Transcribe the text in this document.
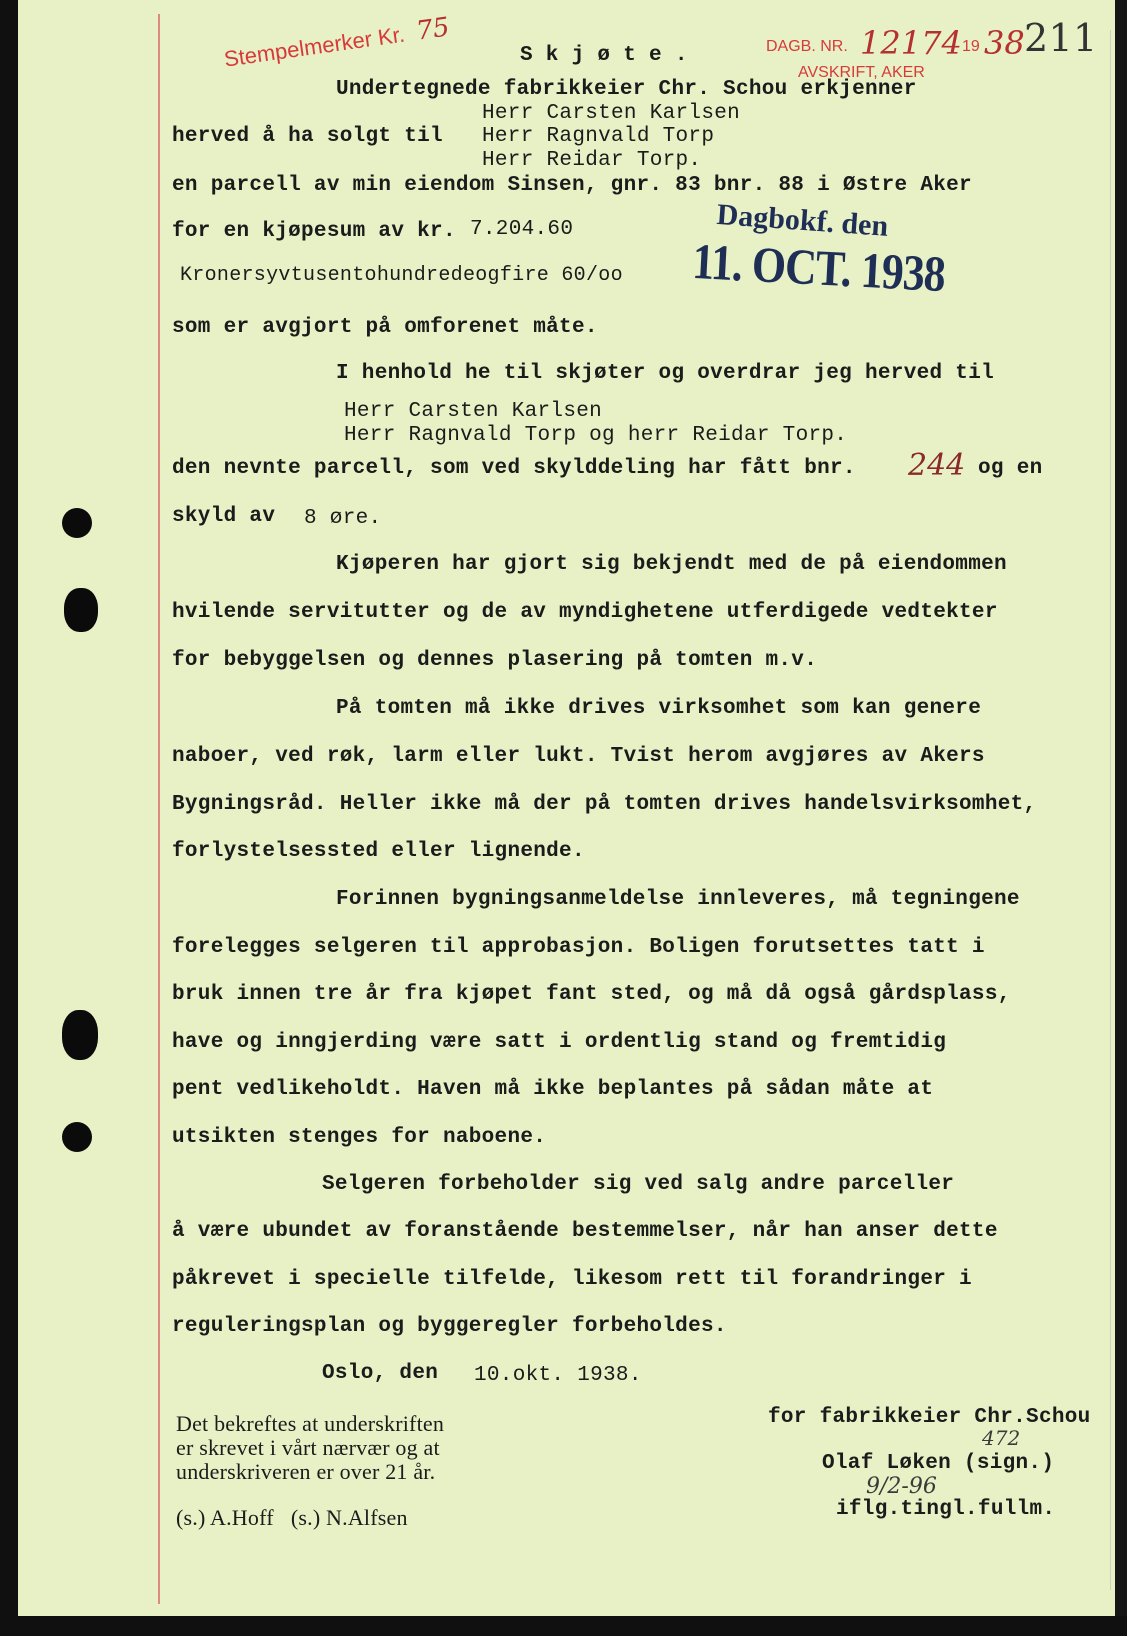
Stempelmerker Kr. 75	DAGB. NR. 12174 19 38
AVSKRIFT, AKER
211
Dagbokf. den
11. OCT. 1938
S k j ø t e .
Undertegnede fabrikkeier Chr. Schou erkjenner
Herr Carsten Karlsen
herved å ha solgt til Herr Ragnvald Torp
Herr Reidar Torp.
en parcell av min eiendom Sinsen, gnr. 83 bnr. 88 i Østre Aker
for en kjøpesum av kr. 7.204.60
Kronersyvtusentohundredeogfire 60/oo
som er avgjort på omforenet måte.
I henhold he til skjøter og overdrar jeg herved til
Herr Carsten Karlsen
Herr Ragnvald Torp og herr Reidar Torp.
den nevnte parcell, som ved skylddeling har fått bnr. 244 og en
skyld av 8 øre.
Kjøperen har gjort sig bekjendt med de på eiendommen
hvilende servitutter og de av myndighetene utferdigede vedtekter
for bebyggelsen og dennes plasering på tomten m.v.
På tomten må ikke drives virksomhet som kan genere
naboer, ved røk, larm eller lukt. Tvist herom avgjøres av Akers
Bygningsråd. Heller ikke må der på tomten drives handelsvirksomhet,
forlystelsessted eller lignende.
Forinnen bygningsanmeldelse innleveres, må tegningene
forelegges selgeren til approbasjon. Boligen forutsettes tatt i
bruk innen tre år fra kjøpet fant sted, og må då også gårdsplass,
have og inngjerding være satt i ordentlig stand og fremtidig
pent vedlikeholdt. Haven må ikke beplantes på sådan måte at
utsikten stenges for naboene.
Selgeren forbeholder sig ved salg andre parceller
å være ubundet av foranstående bestemmelser, når han anser dette
påkrevet i specielle tilfelde, likesom rett til forandringer i
reguleringsplan og byggeregler forbeholdes.
Oslo, den 10.okt. 1938.
Det bekreftes at underskriften
er skrevet i vårt nærvær og at
underskriveren er over 21 år.
(s.) A.Hoff   (s.) N.Alfsen
for fabrikkeier Chr.Schou
472
Olaf Løken (sign.)
9/2-96
iflg.tingl.fullm.
